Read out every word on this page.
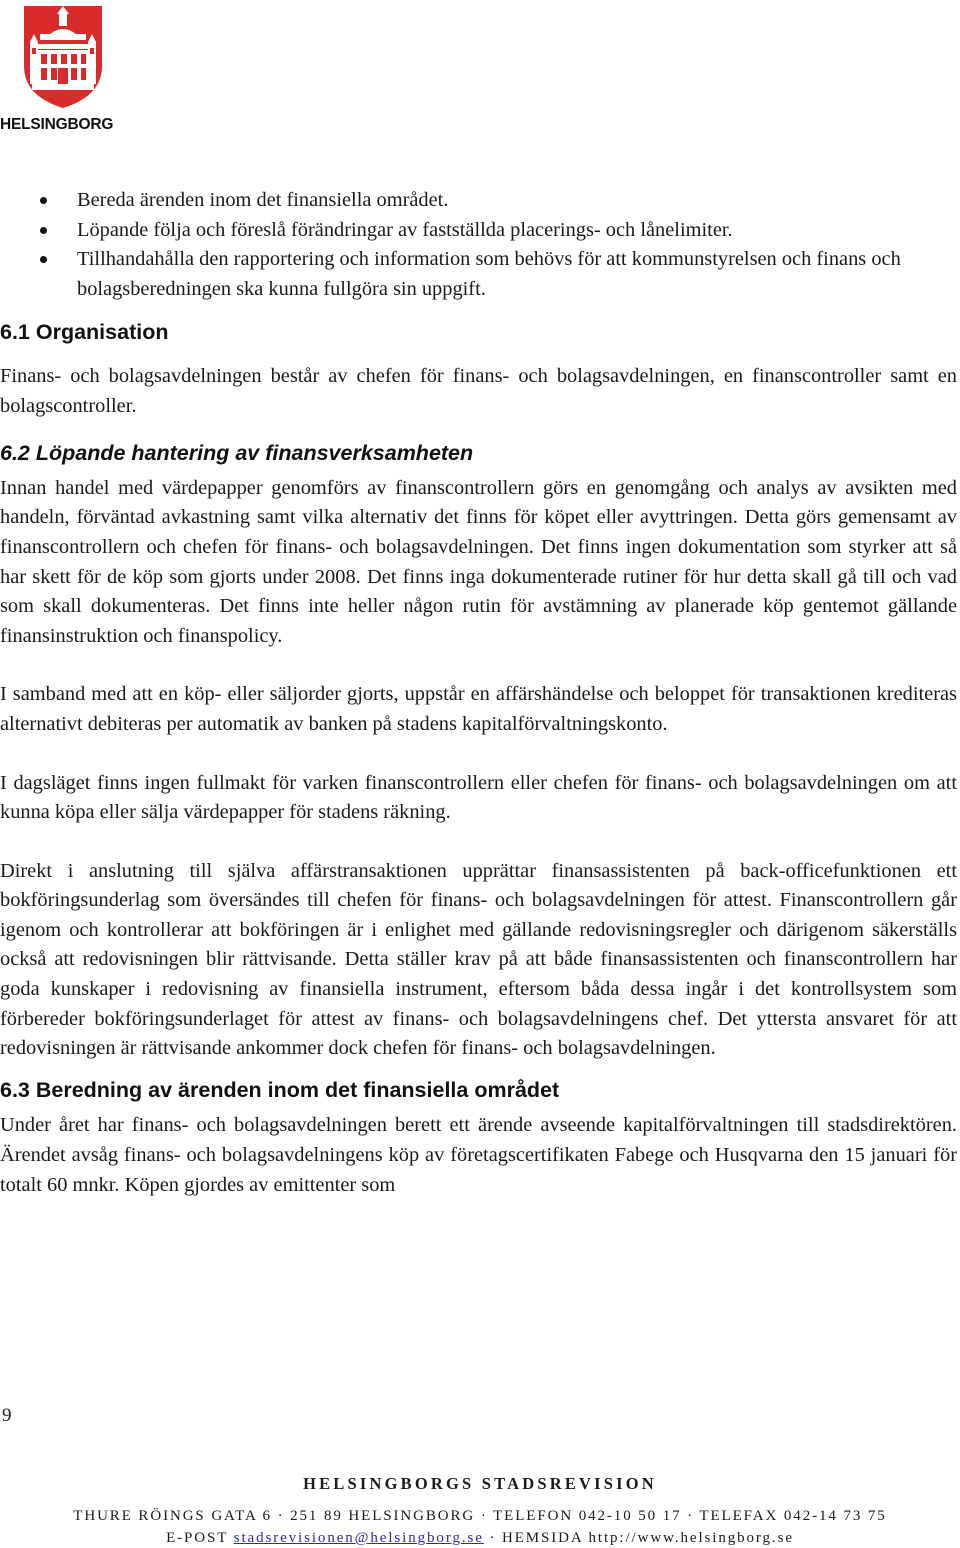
HELSINGBORG
Bereda ärenden inom det finansiella området.
Löpande följa och föreslå förändringar av fastställda placerings- och lånelimiter.
Tillhandahålla den rapportering och information som behövs för att kommunstyrelsen och finans och bolagsberedningen ska kunna fullgöra sin uppgift.
6.1 Organisation

Finans- och bolagsavdelningen består av chefen för finans- och bolagsavdelningen, en finanscontroller samt en bolagscontroller.

6.2 Löpande hantering av finansverksamheten

Innan handel med värdepapper genomförs av finanscontrollern görs en genomgång och analys av avsikten med handeln, förväntad avkastning samt vilka alternativ det finns för köpet eller avyttringen. Detta görs gemensamt av finanscontrollern och chefen för finans- och bolagsavdelningen. Det finns ingen dokumentation som styrker att så har skett för de köp som gjorts under 2008. Det finns inga dokumenterade rutiner för hur detta skall gå till och vad som skall dokumenteras. Det finns inte heller någon rutin för avstämning av planerade köp gentemot gällande finansinstruktion och finanspolicy.

I samband med att en köp- eller säljorder gjorts, uppstår en affärshändelse och beloppet för transaktionen krediteras alternativt debiteras per automatik av banken på stadens kapitalförvaltningskonto.

I dagsläget finns ingen fullmakt för varken finanscontrollern eller chefen för finans- och bolagsavdelningen om att kunna köpa eller sälja värdepapper för stadens räkning.

Direkt i anslutning till själva affärstransaktionen upprättar finansassistenten på back-officefunktionen ett bokföringsunderlag som översändes till chefen för finans- och bolagsavdelningen för attest. Finanscontrollern går igenom och kontrollerar att bokföringen är i enlighet med gällande redovisningsregler och därigenom säkerställs också att redovisningen blir rättvisande. Detta ställer krav på att både finansassistenten och finanscontrollern har goda kunskaper i redovisning av finansiella instrument, eftersom båda dessa ingår i det kontrollsystem som förbereder bokföringsunderlaget för attest av finans- och bolagsavdelningens chef. Det yttersta ansvaret för att redovisningen är rättvisande ankommer dock chefen för finans- och bolagsavdelningen.

6.3 Beredning av ärenden inom det finansiella området

Under året har finans- och bolagsavdelningen berett ett ärende avseende kapitalförvaltningen till stadsdirektören. Ärendet avsåg finans- och bolagsavdelningens köp av företagscertifikaten Fabege och Husqvarna den 15 januari för totalt 60 mnkr. Köpen gjordes av emittenter som

9
HELSINGBORGS STADSREVISION
THURE RÖINGS GATA 6 · 251 89 HELSINGBORG · TELEFON 042-10 50 17 · TELEFAX 042-14 73 75
E-POST stadsrevisionen@helsingborg.se · HEMSIDA http://www.helsingborg.se
